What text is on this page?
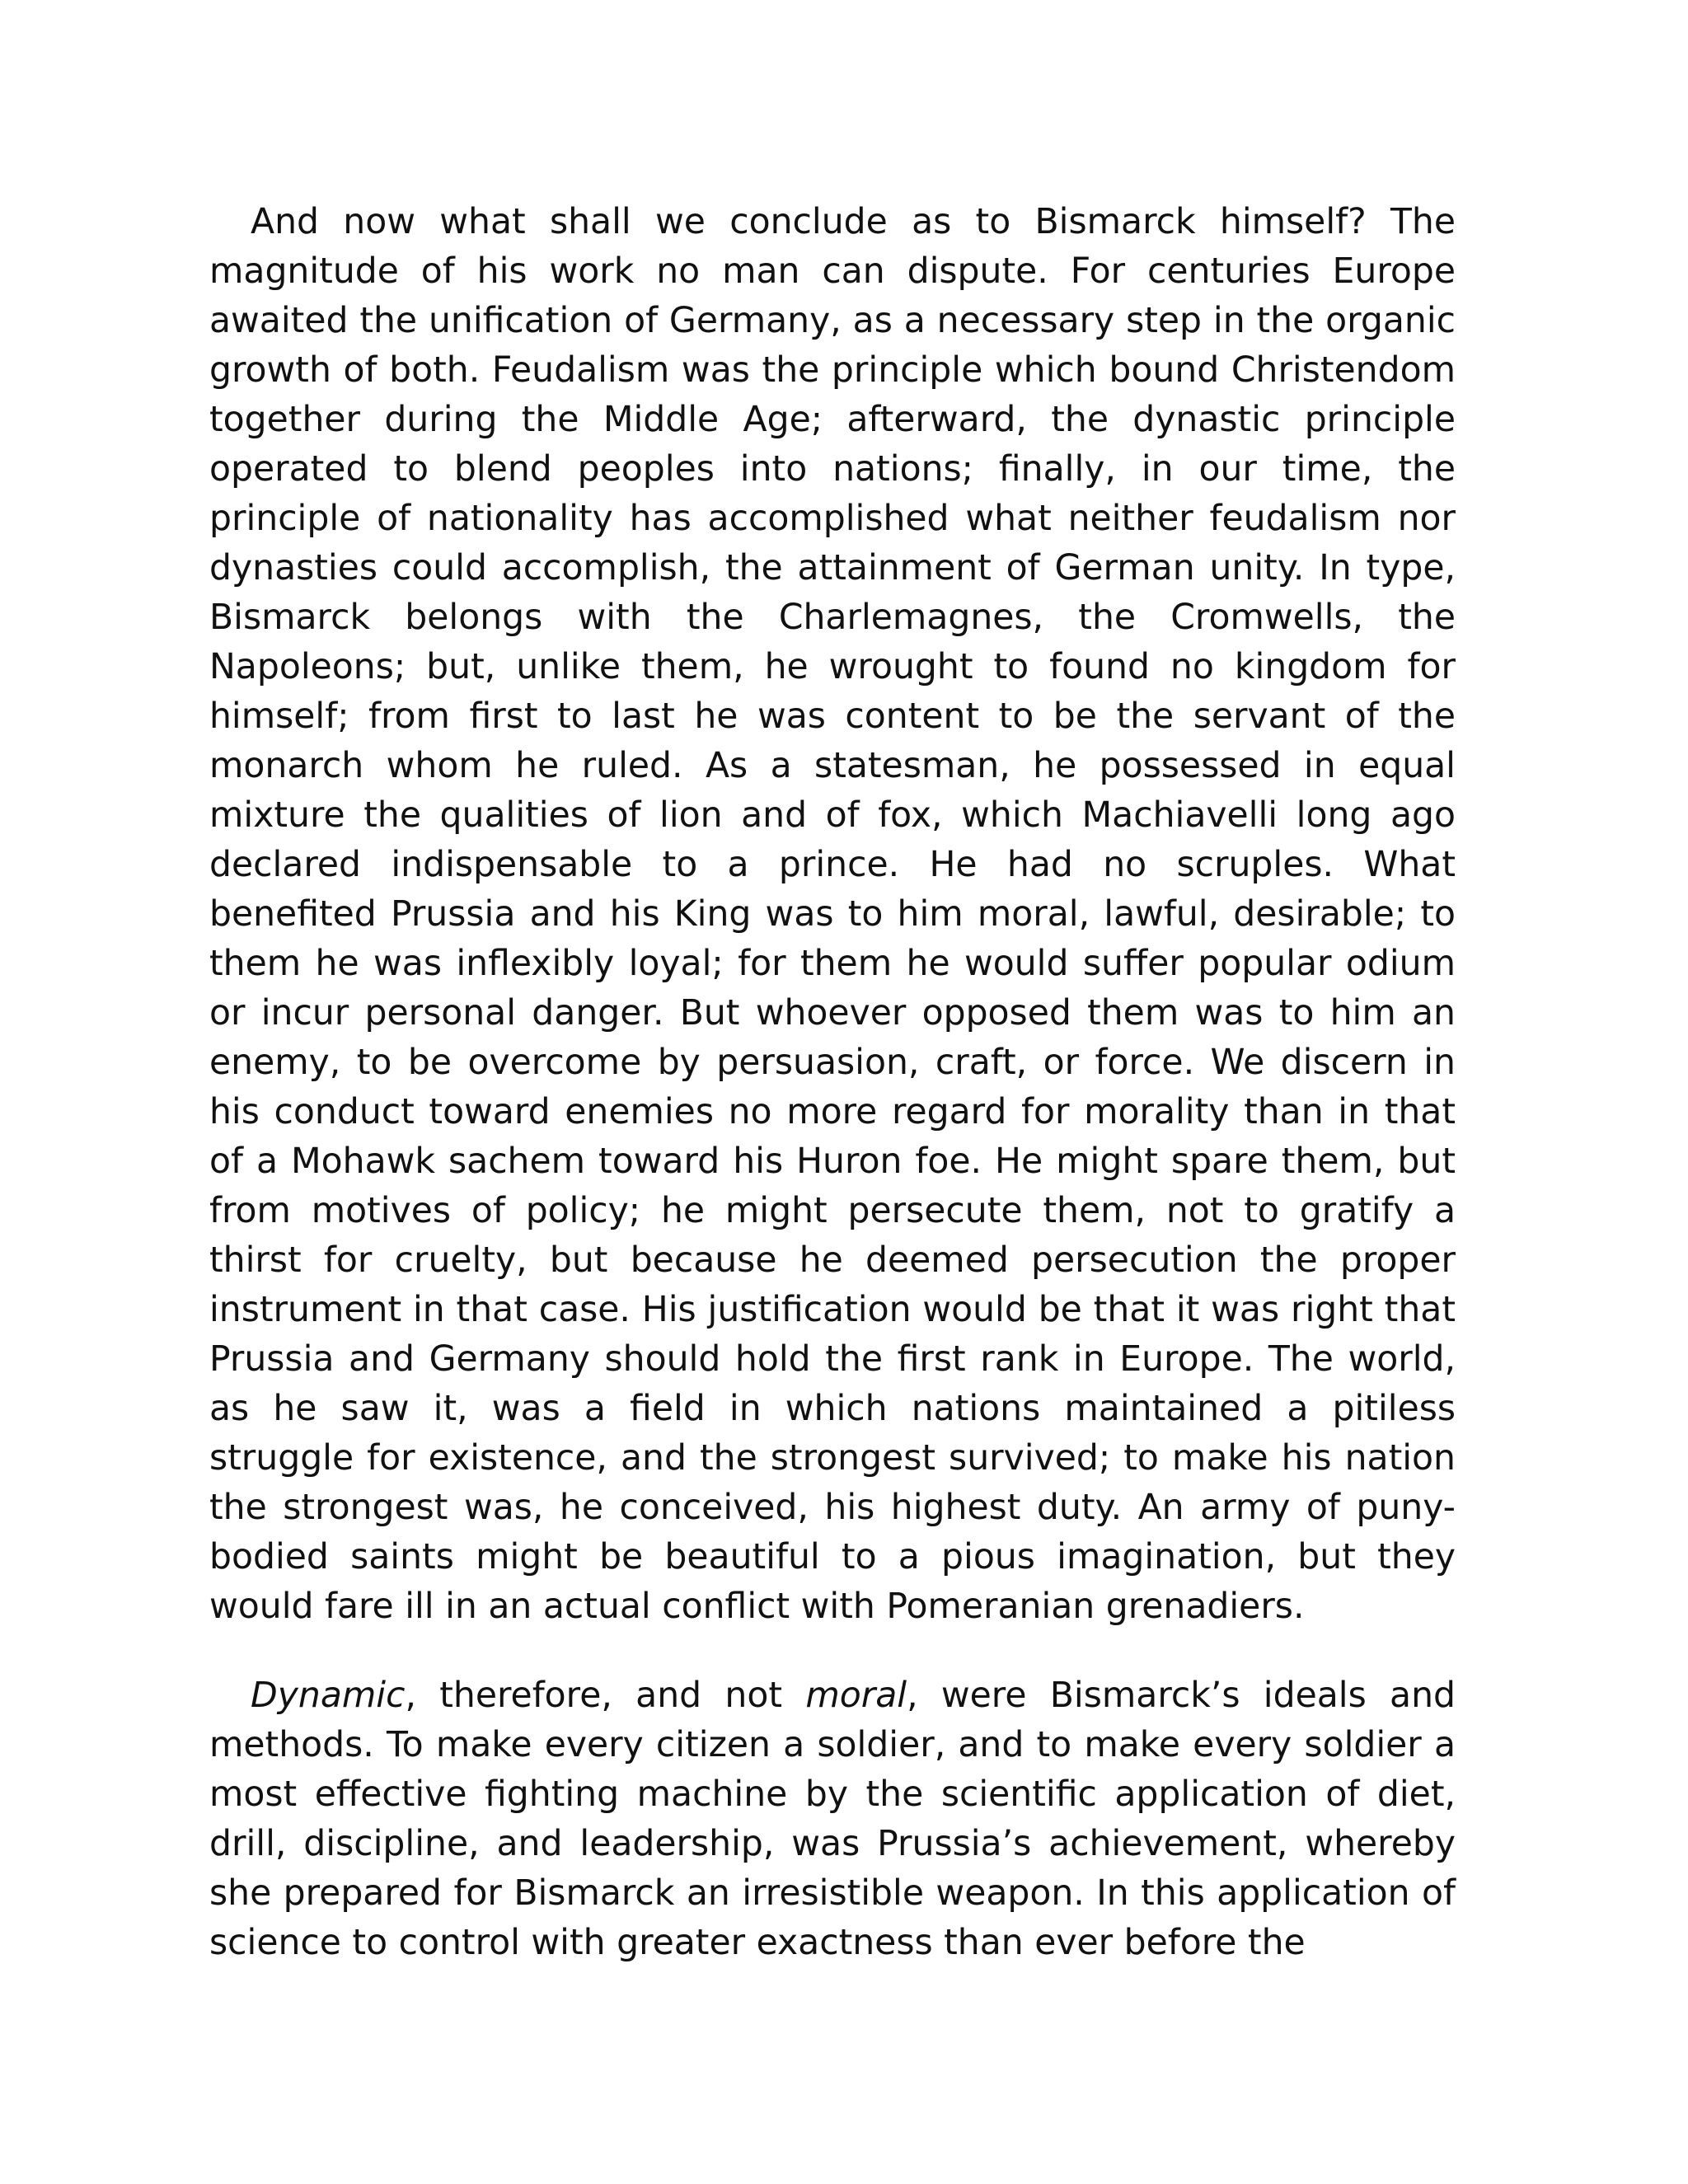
And now what shall we conclude as to Bismarck himself? The magnitude of his work no man can dispute. For centuries Europe awaited the unification of Germany, as a necessary step in the organic growth of both. Feudalism was the principle which bound Christendom together during the Middle Age; afterward, the dynastic principle operated to blend peoples into nations; finally, in our time, the principle of nationality has accomplished what neither feudalism nor dynasties could accomplish, the attainment of German unity. In type, Bismarck belongs with the Charlemagnes, the Cromwells, the Napoleons; but, unlike them, he wrought to found no kingdom for himself; from first to last he was content to be the servant of the monarch whom he ruled. As a statesman, he possessed in equal mixture the qualities of lion and of fox, which Machiavelli long ago declared indispensable to a prince. He had no scruples. What benefited Prussia and his King was to him moral, lawful, desirable; to them he was inflexibly loyal; for them he would suffer popular odium or incur personal danger. But whoever opposed them was to him an enemy, to be overcome by persuasion, craft, or force. We discern in his conduct toward enemies no more regard for morality than in that of a Mohawk sachem toward his Huron foe. He might spare them, but from motives of policy; he might persecute them, not to gratify a thirst for cruelty, but because he deemed persecution the proper instrument in that case. His justification would be that it was right that Prussia and Germany should hold the first rank in Europe. The world, as he saw it, was a field in which nations maintained a pitiless struggle for existence, and the strongest survived; to make his nation the strongest was, he conceived, his highest duty. An army of puny-bodied saints might be beautiful to a pious imagination, but they would fare ill in an actual conflict with Pomeranian grenadiers.

Dynamic, therefore, and not moral, were Bismarck’s ideals and methods. To make every citizen a soldier, and to make every soldier a most effective fighting machine by the scientific application of diet, drill, discipline, and leadership, was Prussia’s achievement, whereby she prepared for Bismarck an irresistible weapon. In this application of science to control with greater exactness than ever before the
